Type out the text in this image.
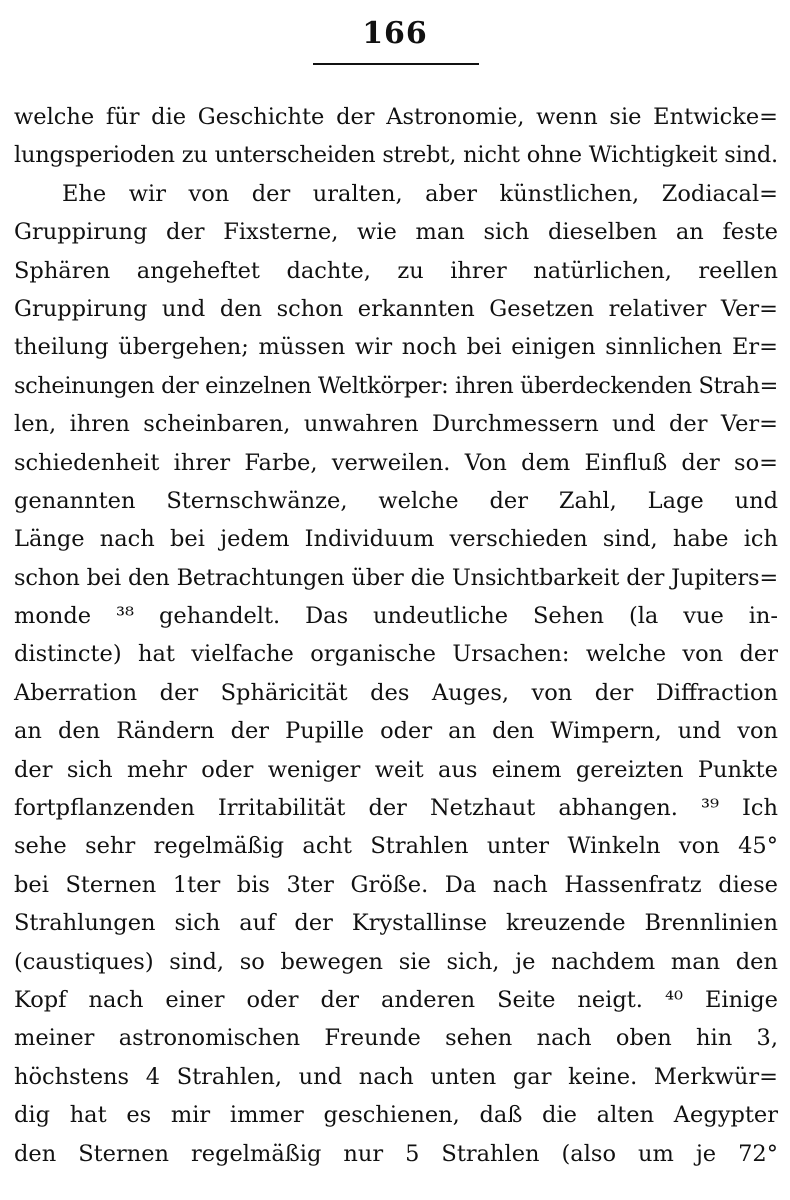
166
welche für die Geschichte der Astronomie, wenn sie Entwicke=
lungsperioden zu unterscheiden strebt, nicht ohne Wichtigkeit sind.
Ehe wir von der uralten, aber künstlichen, Zodiacal=
Gruppirung der Fixsterne, wie man sich dieselben an feste
Sphären angeheftet dachte, zu ihrer natürlichen, reellen
Gruppirung und den schon erkannten Gesetzen relativer Ver=
theilung übergehen; müssen wir noch bei einigen sinnlichen Er=
scheinungen der einzelnen Weltkörper: ihren überdeckenden Strah=
len, ihren scheinbaren, unwahren Durchmessern und der Ver=
schiedenheit ihrer Farbe, verweilen. Von dem Einfluß der so=
genannten Sternschwänze, welche der Zahl, Lage und
Länge nach bei jedem Individuum verschieden sind, habe ich
schon bei den Betrachtungen über die Unsichtbarkeit der Jupiters=
monde ³⁸ gehandelt. Das undeutliche Sehen (la vue in-
distincte) hat vielfache organische Ursachen: welche von der
Aberration der Sphäricität des Auges, von der Diffraction
an den Rändern der Pupille oder an den Wimpern, und von
der sich mehr oder weniger weit aus einem gereizten Punkte
fortpflanzenden Irritabilität der Netzhaut abhangen. ³⁹ Ich
sehe sehr regelmäßig acht Strahlen unter Winkeln von 45°
bei Sternen 1ter bis 3ter Größe. Da nach Hassenfratz diese
Strahlungen sich auf der Krystallinse kreuzende Brennlinien
(caustiques) sind, so bewegen sie sich, je nachdem man den
Kopf nach einer oder der anderen Seite neigt. ⁴⁰ Einige
meiner astronomischen Freunde sehen nach oben hin 3,
höchstens 4 Strahlen, und nach unten gar keine. Merkwür=
dig hat es mir immer geschienen, daß die alten Aegypter
den Sternen regelmäßig nur 5 Strahlen (also um je 72°
